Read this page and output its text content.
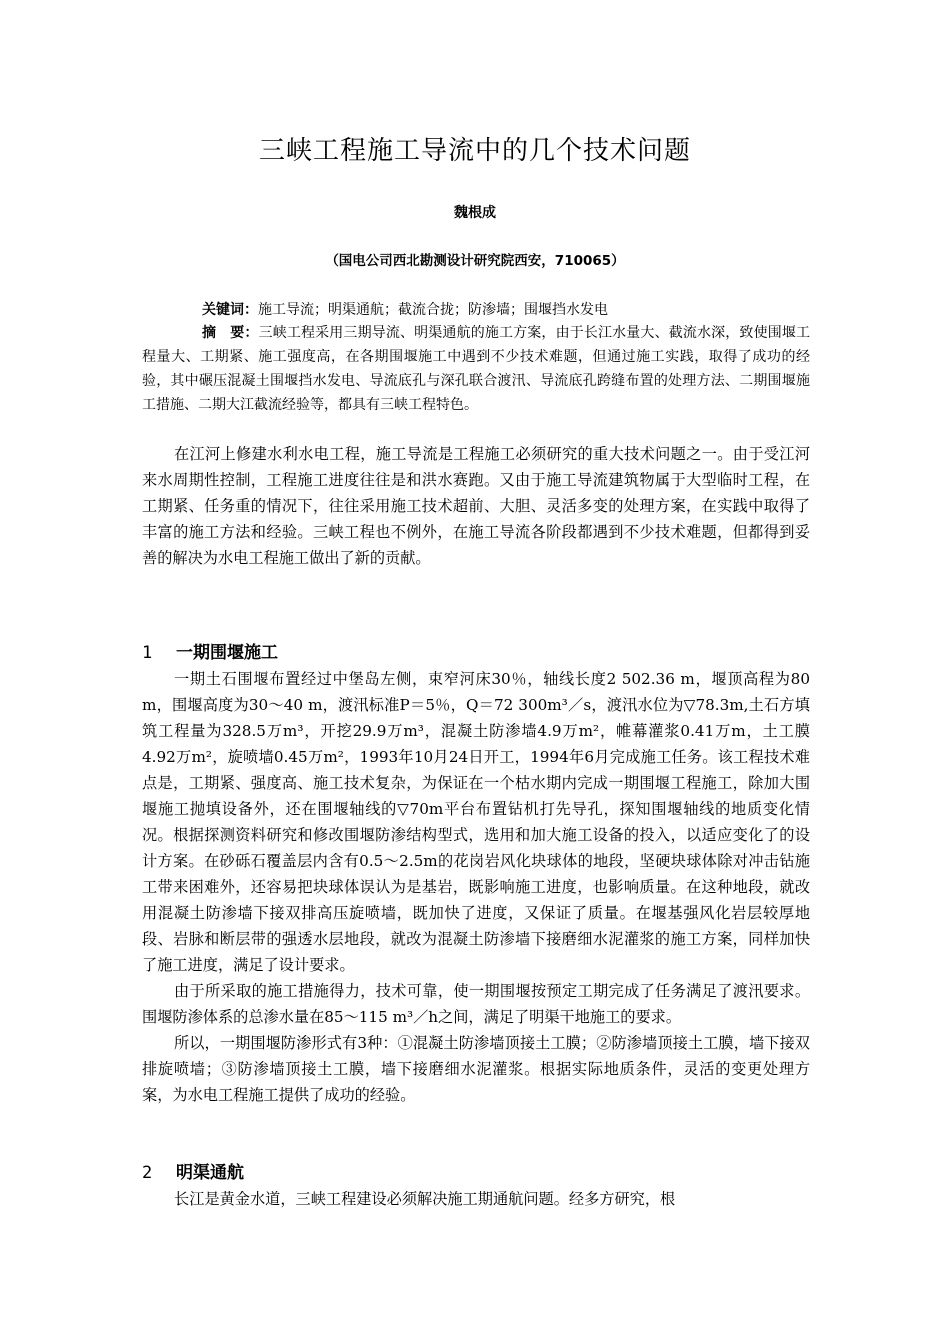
三峡工程施工导流中的几个技术问题
魏根成
（国电公司西北勘测设计研究院西安，710065）
关键词：施工导流；明渠通航；截流合拢；防渗墙；围堰挡水发电
摘　要：三峡工程采用三期导流、明渠通航的施工方案，由于长江水量大、截流水深，致使围堰工程量大、工期紧、施工强度高，在各期围堰施工中遇到不少技术难题，但通过施工实践，取得了成功的经验，其中碾压混凝土围堰挡水发电、导流底孔与深孔联合渡汛、导流底孔跨缝布置的处理方法、二期围堰施工措施、二期大江截流经验等，都具有三峡工程特色。

在江河上修建水利水电工程，施工导流是工程施工必须研究的重大技术问题之一。由于受江河来水周期性控制，工程施工进度往往是和洪水赛跑。又由于施工导流建筑物属于大型临时工程，在工期紧、任务重的情况下，往往采用施工技术超前、大胆、灵活多变的处理方案，在实践中取得了丰富的施工方法和经验。三峡工程也不例外，在施工导流各阶段都遇到不少技术难题，但都得到妥善的解决为水电工程施工做出了新的贡献。

1 一期围堰施工

一期土石围堰布置经过中堡岛左侧，束窄河床30％，轴线长度2 502.36 m，堰顶高程为80 m，围堰高度为30～40 m，渡汛标准P＝5％，Q＝72 300m³／s，渡汛水位为▽78.3m,土石方填筑工程量为328.5万m³，开挖29.9万m³，混凝土防渗墙4.9万m²，帷幕灌浆0.41万m，土工膜4.92万m²，旋喷墙0.45万m²，1993年10月24日开工，1994年6月完成施工任务。该工程技术难点是，工期紧、强度高、施工技术复杂，为保证在一个枯水期内完成一期围堰工程施工，除加大围堰施工抛填设备外，还在围堰轴线的▽70m平台布置钻机打先导孔，探知围堰轴线的地质变化情况。根据探测资料研究和修改围堰防渗结构型式，选用和加大施工设备的投入，以适应变化了的设计方案。在砂砾石覆盖层内含有0.5～2.5m的花岗岩风化块球体的地段，坚硬块球体除对冲击钻施工带来困难外，还容易把块球体误认为是基岩，既影响施工进度，也影响质量。在这种地段，就改用混凝土防渗墙下接双排高压旋喷墙，既加快了进度，又保证了质量。在堰基强风化岩层较厚地段、岩脉和断层带的强透水层地段，就改为混凝土防渗墙下接磨细水泥灌浆的施工方案，同样加快了施工进度，满足了设计要求。

由于所采取的施工措施得力，技术可靠，使一期围堰按预定工期完成了任务满足了渡汛要求。围堰防渗体系的总渗水量在85～115 m³／h之间，满足了明渠干地施工的要求。

所以，一期围堰防渗形式有3种：①混凝土防渗墙顶接土工膜；②防渗墙顶接土工膜，墙下接双排旋喷墙；③防渗墙顶接土工膜，墙下接磨细水泥灌浆。根据实际地质条件，灵活的变更处理方案，为水电工程施工提供了成功的经验。

2 明渠通航

长江是黄金水道，三峡工程建设必须解决施工期通航问题。经多方研究，根
